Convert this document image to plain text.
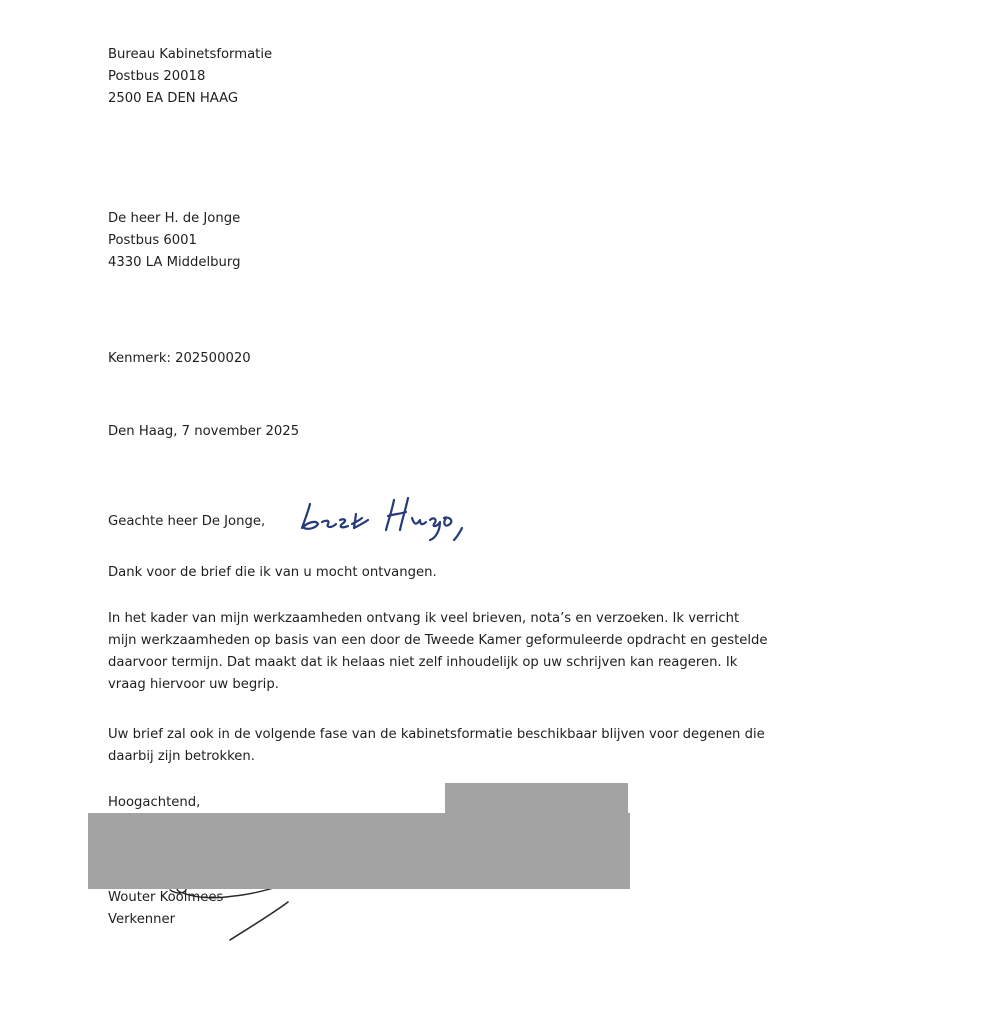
Bureau Kabinetsformatie
Postbus 20018
2500 EA DEN HAAG
De heer H. de Jonge
Postbus 6001
4330 LA Middelburg
Kenmerk: 202500020
Den Haag, 7 november 2025
Geachte heer De Jonge,
Dank voor de brief die ik van u mocht ontvangen.
In het kader van mijn werkzaamheden ontvang ik veel brieven, nota’s en verzoeken. Ik verricht
mijn werkzaamheden op basis van een door de Tweede Kamer geformuleerde opdracht en gestelde
daarvoor termijn. Dat maakt dat ik helaas niet zelf inhoudelijk op uw schrijven kan reageren. Ik
vraag hiervoor uw begrip.
Uw brief zal ook in de volgende fase van de kabinetsformatie beschikbaar blijven voor degenen die
daarbij zijn betrokken.
Hoogachtend,
Wouter Koolmees
Verkenner
